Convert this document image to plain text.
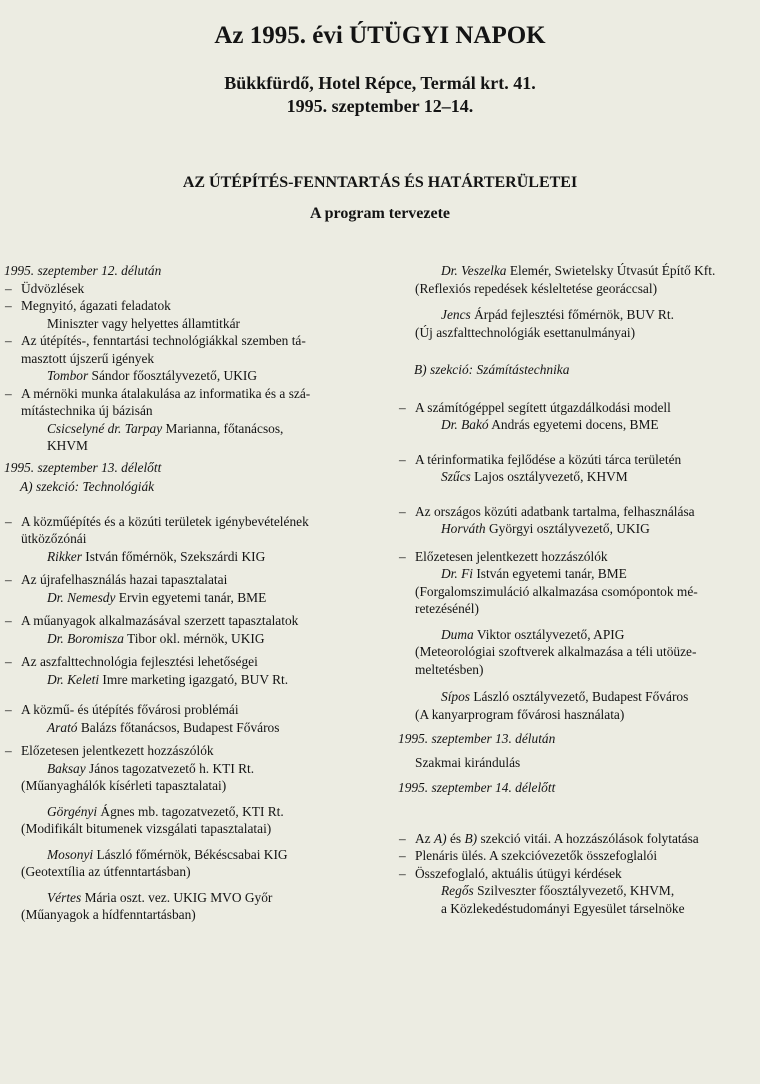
Az 1995. évi ÚTÜGYI NAPOK
Bükkfürdő, Hotel Répce, Termál krt. 41.
1995. szeptember 12–14.
AZ ÚTÉPÍTÉS-FENNTARTÁS ÉS HATÁRTERÜLETEI
A program tervezete
1995. szeptember 12. délután
– Üdvözlések
– Megnyitó, ágazati feladatok
Miniszter vagy helyettes államtitkár
– Az útépítés-, fenntartási technológiákkal szemben tá-
masztott újszerű igények
Tombor Sándor főosztályvezető, UKIG
– A mérnöki munka átalakulása az informatika és a szá-
mítástechnika új bázisán
Csicselyné dr. Tarpay Marianna, főtanácsos,
KHVM
1995. szeptember 13. délelőtt
A) szekció: Technológiák
– A közműépítés és a közúti területek igénybevételének
ütközőzónái
Rikker István főmérnök, Szekszárdi KIG
– Az újrafelhasználás hazai tapasztalatai
Dr. Nemesdy Ervin egyetemi tanár, BME
– A műanyagok alkalmazásával szerzett tapasztalatok
Dr. Boromisza Tibor okl. mérnök, UKIG
– Az aszfalttechnológia fejlesztési lehetőségei
Dr. Keleti Imre marketing igazgató, BUV Rt.
– A közmű- és útépítés fővárosi problémái
Arató Balázs főtanácsos, Budapest Főváros
– Előzetesen jelentkezett hozzászólók
Baksay János tagozatvezető h. KTI Rt.
(Műanyaghálók kísérleti tapasztalatai)
Görgényi Ágnes mb. tagozatvezető, KTI Rt.
(Modifikált bitumenek vizsgálati tapasztalatai)
Mosonyi László főmérnök, Békéscsabai KIG
(Geotextília az útfenntartásban)
Vértes Mária oszt. vez. UKIG MVO Győr
(Műanyagok a hídfenntartásban)
Dr. Veszelka Elemér, Swietelsky Útvasút Építő Kft.
(Reflexiós repedések késleltetése georáccsal)
Jencs Árpád fejlesztési főmérnök, BUV Rt.
(Új aszfalttechnológiák esettanulmányai)
B) szekció: Számítástechnika
– A számítógéppel segített útgazdálkodási modell
Dr. Bakó András egyetemi docens, BME
– A térinformatika fejlődése a közúti tárca területén
Szűcs Lajos osztályvezető, KHVM
– Az országos közúti adatbank tartalma, felhasználása
Horváth Györgyi osztályvezető, UKIG
– Előzetesen jelentkezett hozzászólók
Dr. Fi István egyetemi tanár, BME
(Forgalomszimuláció alkalmazása csomópontok mé-
retezésénél)
Duma Viktor osztályvezető, APIG
(Meteorológiai szoftverek alkalmazása a téli utöüze-
meltetésben)
Sípos László osztályvezető, Budapest Főváros
(A kanyarprogram fővárosi használata)
1995. szeptember 13. délután
Szakmai kirándulás
1995. szeptember 14. délelőtt
– Az A) és B) szekció vitái. A hozzászólások folytatása
– Plenáris ülés. A szekcióvezetők összefoglalói
– Összefoglaló, aktuális útügyi kérdések
Regős Szilveszter főosztályvezető, KHVM,
a Közlekedéstudományi Egyesület társelnöke
